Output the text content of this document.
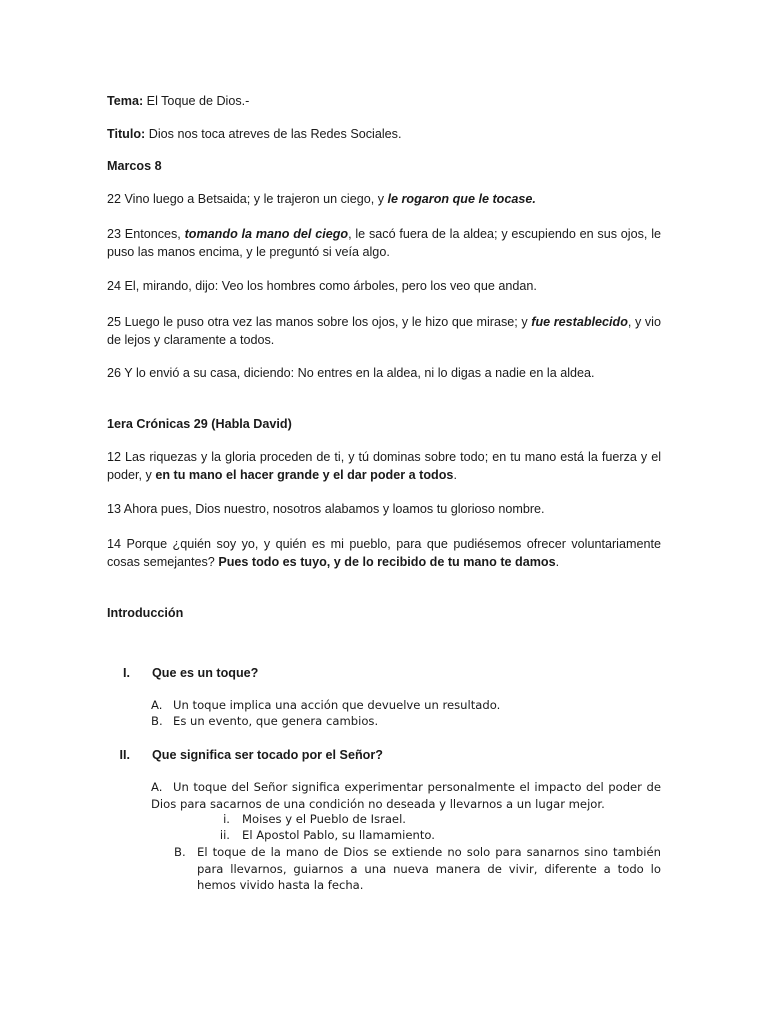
Tema: El Toque de Dios.-

Titulo: Dios nos toca atreves de las Redes Sociales.

Marcos 8

22 Vino luego a Betsaida; y le trajeron un ciego, y le rogaron que le tocase.

23 Entonces, tomando la mano del ciego, le sacó fuera de la aldea; y escupiendo en sus ojos, le puso las manos encima, y le preguntó si veía algo.

24 El, mirando, dijo: Veo los hombres como árboles, pero los veo que andan.

25 Luego le puso otra vez las manos sobre los ojos, y le hizo que mirase; y fue restablecido, y vio de lejos y claramente a todos.

26 Y lo envió a su casa, diciendo: No entres en la aldea, ni lo digas a nadie en la aldea.

1era Crónicas 29 (Habla David)

12 Las riquezas y la gloria proceden de ti, y tú dominas sobre todo; en tu mano está la fuerza y el poder, y en tu mano el hacer grande y el dar poder a todos.

13 Ahora pues, Dios nuestro, nosotros alabamos y loamos tu glorioso nombre.

14 Porque ¿quién soy yo, y quién es mi pueblo, para que pudiésemos ofrecer voluntariamente cosas semejantes? Pues todo es tuyo, y de lo recibido de tu mano te damos.

Introducción

I. Que es un toque?
A. Un toque implica una acción que devuelve un resultado.
B. Es un evento, que genera cambios.
II. Que significa ser tocado por el Señor?
A. Un toque del Señor significa experimentar personalmente el impacto del poder de Dios para sacarnos de una condición no deseada y llevarnos a un lugar mejor.
i. Moises y el Pueblo de Israel.
ii. El Apostol Pablo, su llamamiento.
B. El toque de la mano de Dios se extiende no solo para sanarnos sino también para llevarnos, guiarnos a una nueva manera de vivir, diferente a todo lo hemos vivido hasta la fecha.
